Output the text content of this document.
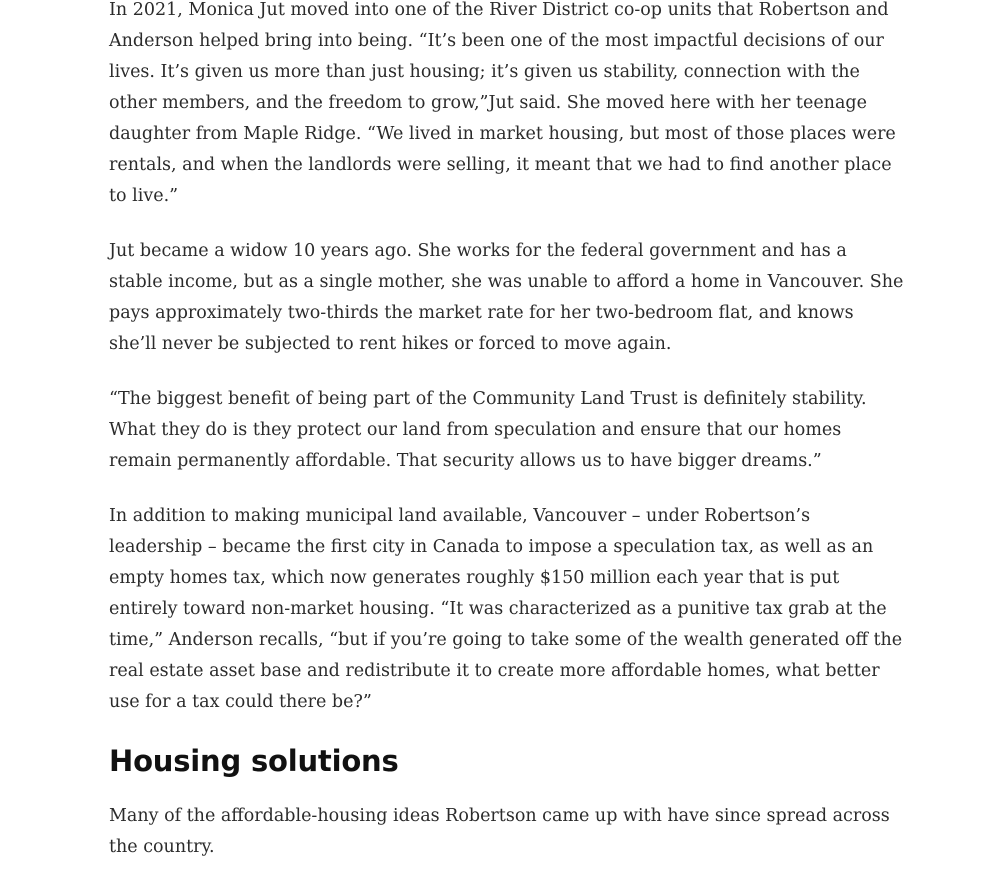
In 2021, Monica Jut moved into one of the River District co-op units that Robertson and Anderson helped bring into being. “It’s been one of the most impactful decisions of our lives. It’s given us more than just housing; it’s given us stability, connection with the other members, and the freedom to grow,”Jut said. She moved here with her teenage daughter from Maple Ridge. “We lived in market housing, but most of those places were rentals, and when the landlords were selling, it meant that we had to find another place to live.”

Jut became a widow 10 years ago. She works for the federal government and has a stable income, but as a single mother, she was unable to afford a home in Vancouver. She pays approximately two-thirds the market rate for her two-bedroom flat, and knows she’ll never be subjected to rent hikes or forced to move again.

“The biggest benefit of being part of the Community Land Trust is definitely stability. What they do is they protect our land from speculation and ensure that our homes remain permanently affordable. That security allows us to have bigger dreams.”

In addition to making municipal land available, Vancouver – under Robertson’s leadership – became the first city in Canada to impose a speculation tax, as well as an empty homes tax, which now generates roughly $150 million each year that is put entirely toward non-market housing. “It was characterized as a punitive tax grab at the time,” Anderson recalls, “but if you’re going to take some of the wealth generated off the real estate asset base and redistribute it to create more affordable homes, what better use for a tax could there be?”

Housing solutions

Many of the affordable-housing ideas Robertson came up with have since spread across the country.
